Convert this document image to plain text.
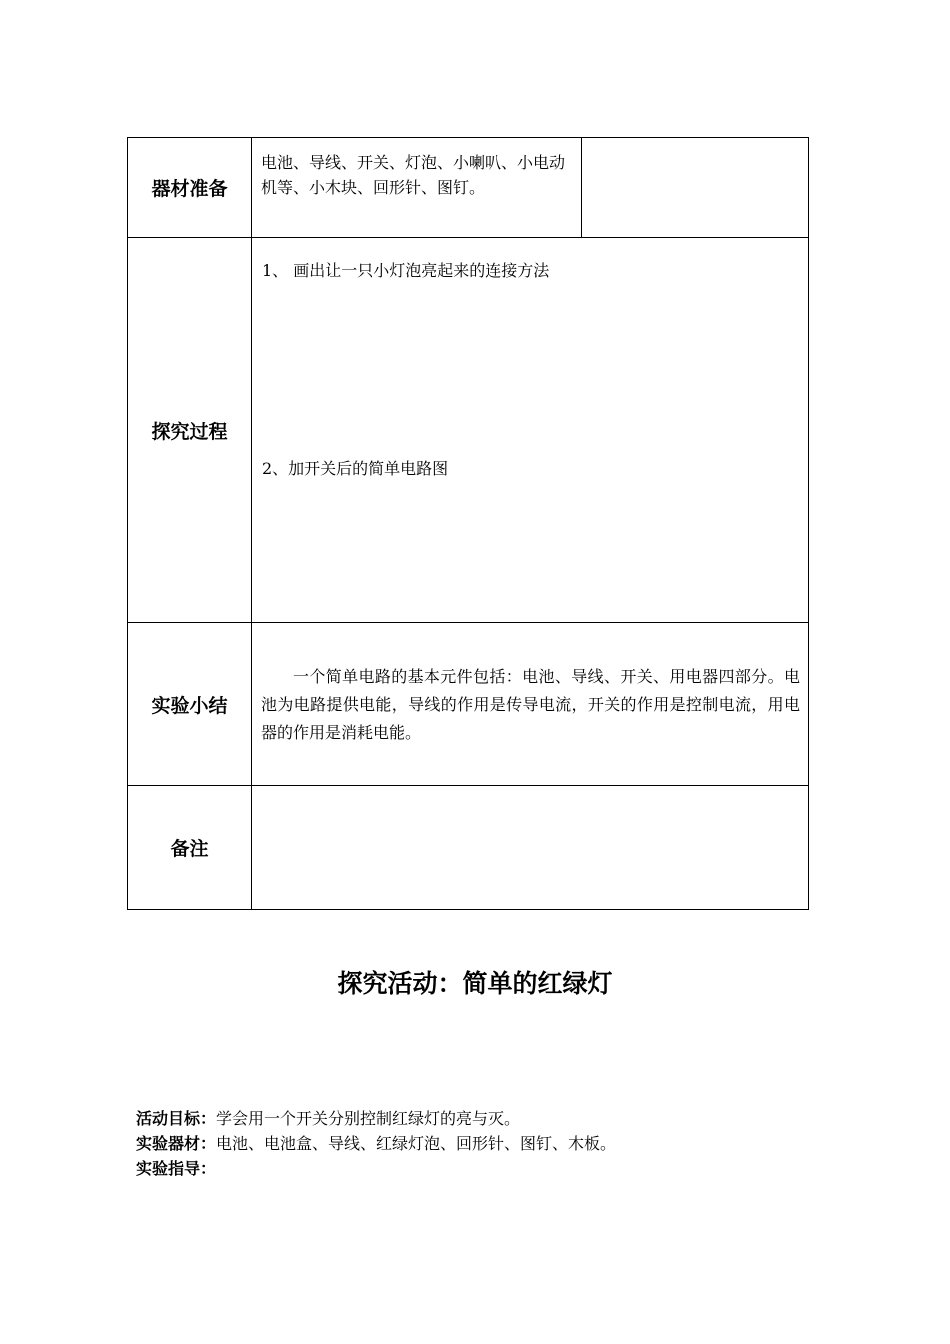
器材准备	电池、导线、开关、灯泡、小喇叭、小电动机等、小木块、回形针、图钉。	

探究过程	1、 画出让一只小灯泡亮起来的连接方法
2、加开关后的简单电路图	

实验小结	一个简单电路的基本元件包括：电池、导线、开关、用电器四部分。电池为电路提供电能，导线的作用是传导电流，开关的作用是控制电流，用电器的作用是消耗电能。	

备注		
探究活动：简单的红绿灯
活动目标：学会用一个开关分别控制红绿灯的亮与灭。
实验器材：电池、电池盒、导线、红绿灯泡、回形针、图钉、木板。
实验指导：
